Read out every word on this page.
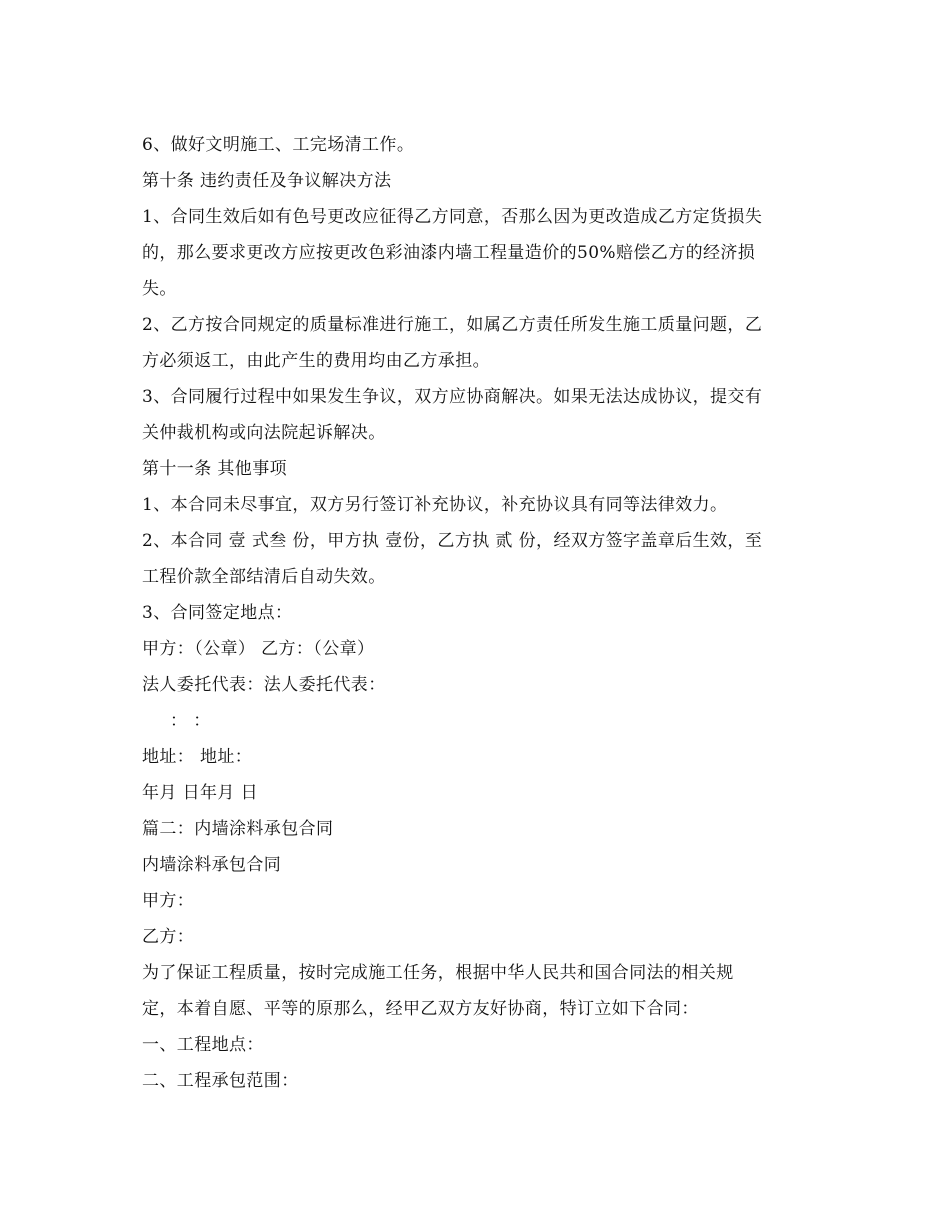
6、做好文明施工、工完场清工作。
第十条 违约责任及争议解决方法
1、合同生效后如有色号更改应征得乙方同意，否那么因为更改造成乙方定货损失
的，那么要求更改方应按更改色彩油漆内墙工程量造价的50%赔偿乙方的经济损
失。
2、乙方按合同规定的质量标准进行施工，如属乙方责任所发生施工质量问题，乙
方必须返工，由此产生的费用均由乙方承担。
3、合同履行过程中如果发生争议，双方应协商解决。如果无法达成协议，提交有
关仲裁机构或向法院起诉解决。
第十一条 其他事项
1、本合同未尽事宜，双方另行签订补充协议，补充协议具有同等法律效力。
2、本合同 壹 式叁 份，甲方执 壹份，乙方执 贰 份，经双方签字盖章后生效，至
工程价款全部结清后自动失效。
3、合同签定地点：
甲方：（公章） 乙方：（公章）
法人委托代表：法人委托代表：
： ：
地址： 地址：
年月 日年月 日
篇二：内墙涂料承包合同
内墙涂料承包合同
甲方：
乙方：
为了保证工程质量，按时完成施工任务，根据中华人民共和国合同法的相关规
定，本着自愿、平等的原那么，经甲乙双方友好协商，特订立如下合同：
一、工程地点：
二、工程承包范围：
